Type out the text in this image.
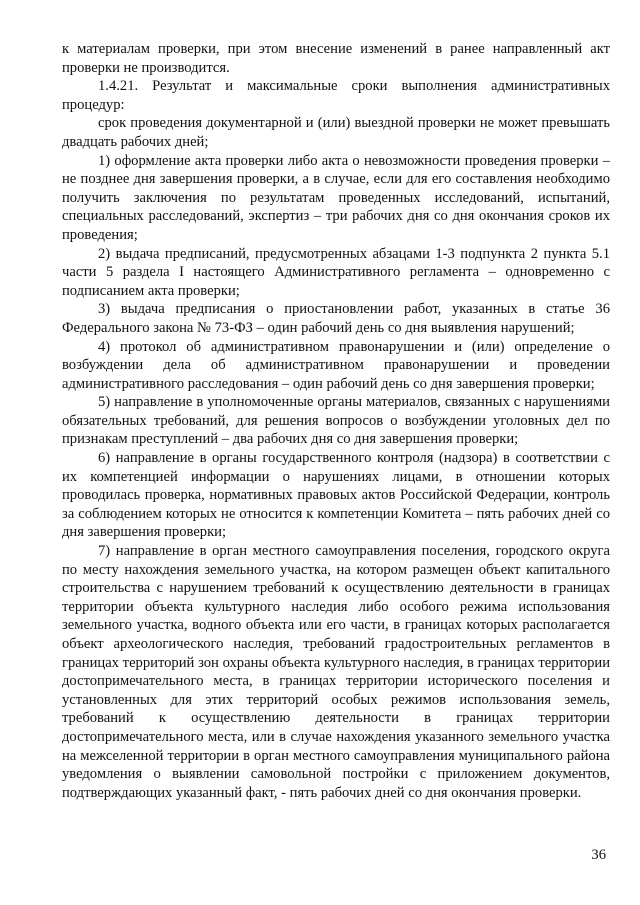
к материалам проверки, при этом внесение изменений в ранее направленный акт проверки не производится.

1.4.21. Результат и максимальные сроки выполнения административных процедур:

срок проведения документарной и (или) выездной проверки не может превышать двадцать рабочих дней;

1) оформление акта проверки либо акта о невозможности проведения проверки – не позднее дня завершения проверки, а в случае, если для его составления необходимо получить заключения по результатам проведенных исследований, испытаний, специальных расследований, экспертиз – три рабочих дня со дня окончания сроков их проведения;

2) выдача предписаний, предусмотренных абзацами 1-3 подпункта 2 пункта 5.1 части 5 раздела I настоящего Административного регламента – одновременно с подписанием акта проверки;

3) выдача предписания о приостановлении работ, указанных в статье 36 Федерального закона № 73-ФЗ – один рабочий день со дня выявления нарушений;

4) протокол об административном правонарушении и (или) определение о возбуждении дела об административном правонарушении и проведении административного расследования – один рабочий день со дня завершения проверки;

5) направление в уполномоченные органы материалов, связанных с нарушениями обязательных требований, для решения вопросов о возбуждении уголовных дел по признакам преступлений – два рабочих дня со дня завершения проверки;

6) направление в органы государственного контроля (надзора) в соответствии с их компетенцией информации о нарушениях лицами, в отношении которых проводилась проверка, нормативных правовых актов Российской Федерации, контроль за соблюдением которых не относится к компетенции Комитета – пять рабочих дней со дня завершения проверки;

7) направление в орган местного самоуправления поселения, городского округа по месту нахождения земельного участка, на котором размещен объект капитального строительства с нарушением требований к осуществлению деятельности в границах территории объекта культурного наследия либо особого режима использования земельного участка, водного объекта или его части, в границах которых располагается объект археологического наследия, требований градостроительных регламентов в границах территорий зон охраны объекта культурного наследия, в границах территории достопримечательного места, в границах территории исторического поселения и установленных для этих территорий особых режимов использования земель, требований к осуществлению деятельности в границах территории достопримечательного места, или в случае нахождения указанного земельного участка на межселенной территории в орган местного самоуправления муниципального района уведомления о выявлении самовольной постройки с приложением документов, подтверждающих указанный факт, - пять рабочих дней со дня окончания проверки.

36
